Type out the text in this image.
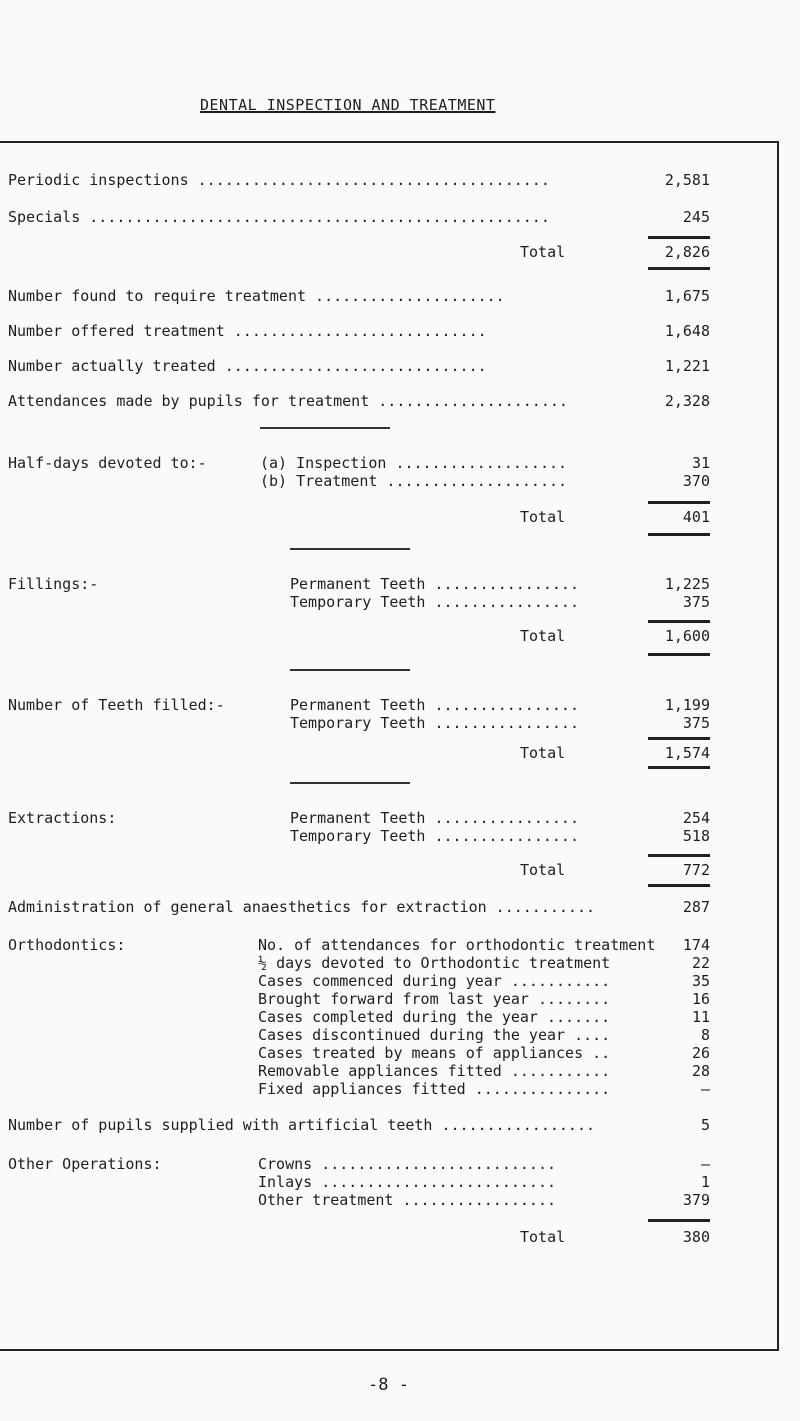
DENTAL INSPECTION AND TREATMENT
Periodic inspections .......................................	2,581
Specials ...................................................	245
Total	2,826
Number found to require treatment .....................	1,675
Number offered treatment ............................	1,648
Number actually treated .............................	1,221
Attendances made by pupils for treatment .....................	2,328
Half-days devoted to:-	(a) Inspection ...................	31
(b) Treatment ....................	370
Total	401
Fillings:-	Permanent Teeth ................	1,225
Temporary Teeth ................	375
Total	1,600
Number of Teeth filled:-	Permanent Teeth ................	1,199
Temporary Teeth ................	375
Total	1,574
Extractions:	Permanent Teeth ................	254
Temporary Teeth ................	518
Total	772
Administration of general anaesthetics for extraction ...........	287
Orthodontics:	No. of attendances for orthodontic treatment	174
½ days devoted to Orthodontic treatment	22
Cases commenced during year ...........	35
Brought forward from last year ........	16
Cases completed during the year .......	11
Cases discontinued during the year ....	8
Cases treated by means of appliances ..	26
Removable appliances fitted ...........	28
Fixed appliances fitted ...............	–
Number of pupils supplied with artificial teeth .................	5
Other Operations:	Crowns ..........................	–
Inlays ..........................	1
Other treatment .................	379
Total	380
-8 -
